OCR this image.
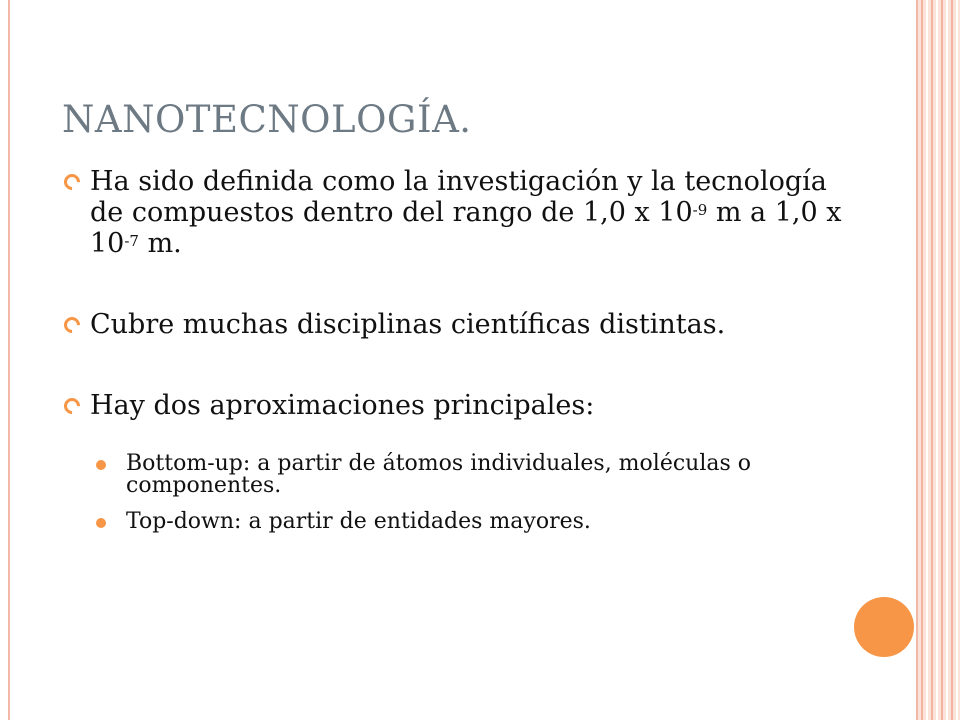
NANOTECNOLOGÍA.
Ha sido definida como la investigación y la tecnología de compuestos dentro del rango de 1,0 x $10^{-9}$ m a 1,0 x $10^{-7}$ m.
Cubre muchas disciplinas científicas distintas.
Hay dos aproximaciones principales:
Bottom-up: a partir de átomos individuales, moléculas o componentes.
Top-down: a partir de entidades mayores.
